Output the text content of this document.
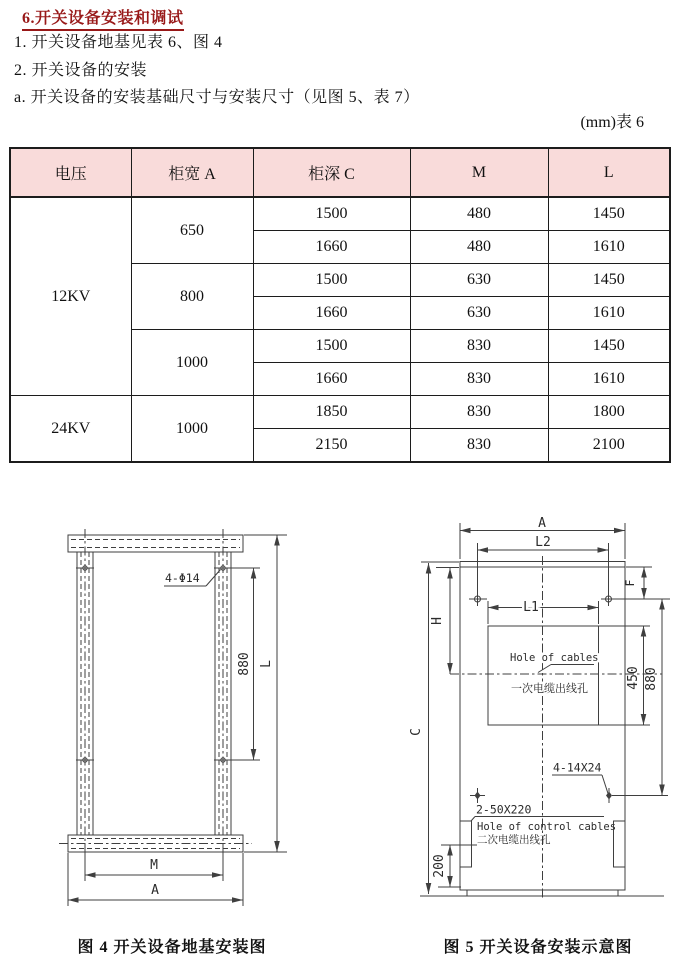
6.开关设备安装和调试
1. 开关设备地基见表 6、图 4
2. 开关设备的安装
a. 开关设备的安装基础尺寸与安装尺寸（见图 5、表 7）
(mm)表 6
电压	柜宽 A	柜深 C	M	L
12KV	650	1500	480	1450
		1660	480	1610
	800	1500	630	1450
		1660	630	1610
	1000	1500	830	1450
		1660	830	1610
24KV	1000	1850	830	1800
		2150	830	2100
4-Φ14
880 L
M
A
图 4 开关设备地基安装图
A
L2
F
L1
Hole of cables
一次电缆出线孔	450 880
4-14X24
2-50X220
Hole of control cables
二次电缆出线孔
200
C
H
图 5 开关设备安装示意图
